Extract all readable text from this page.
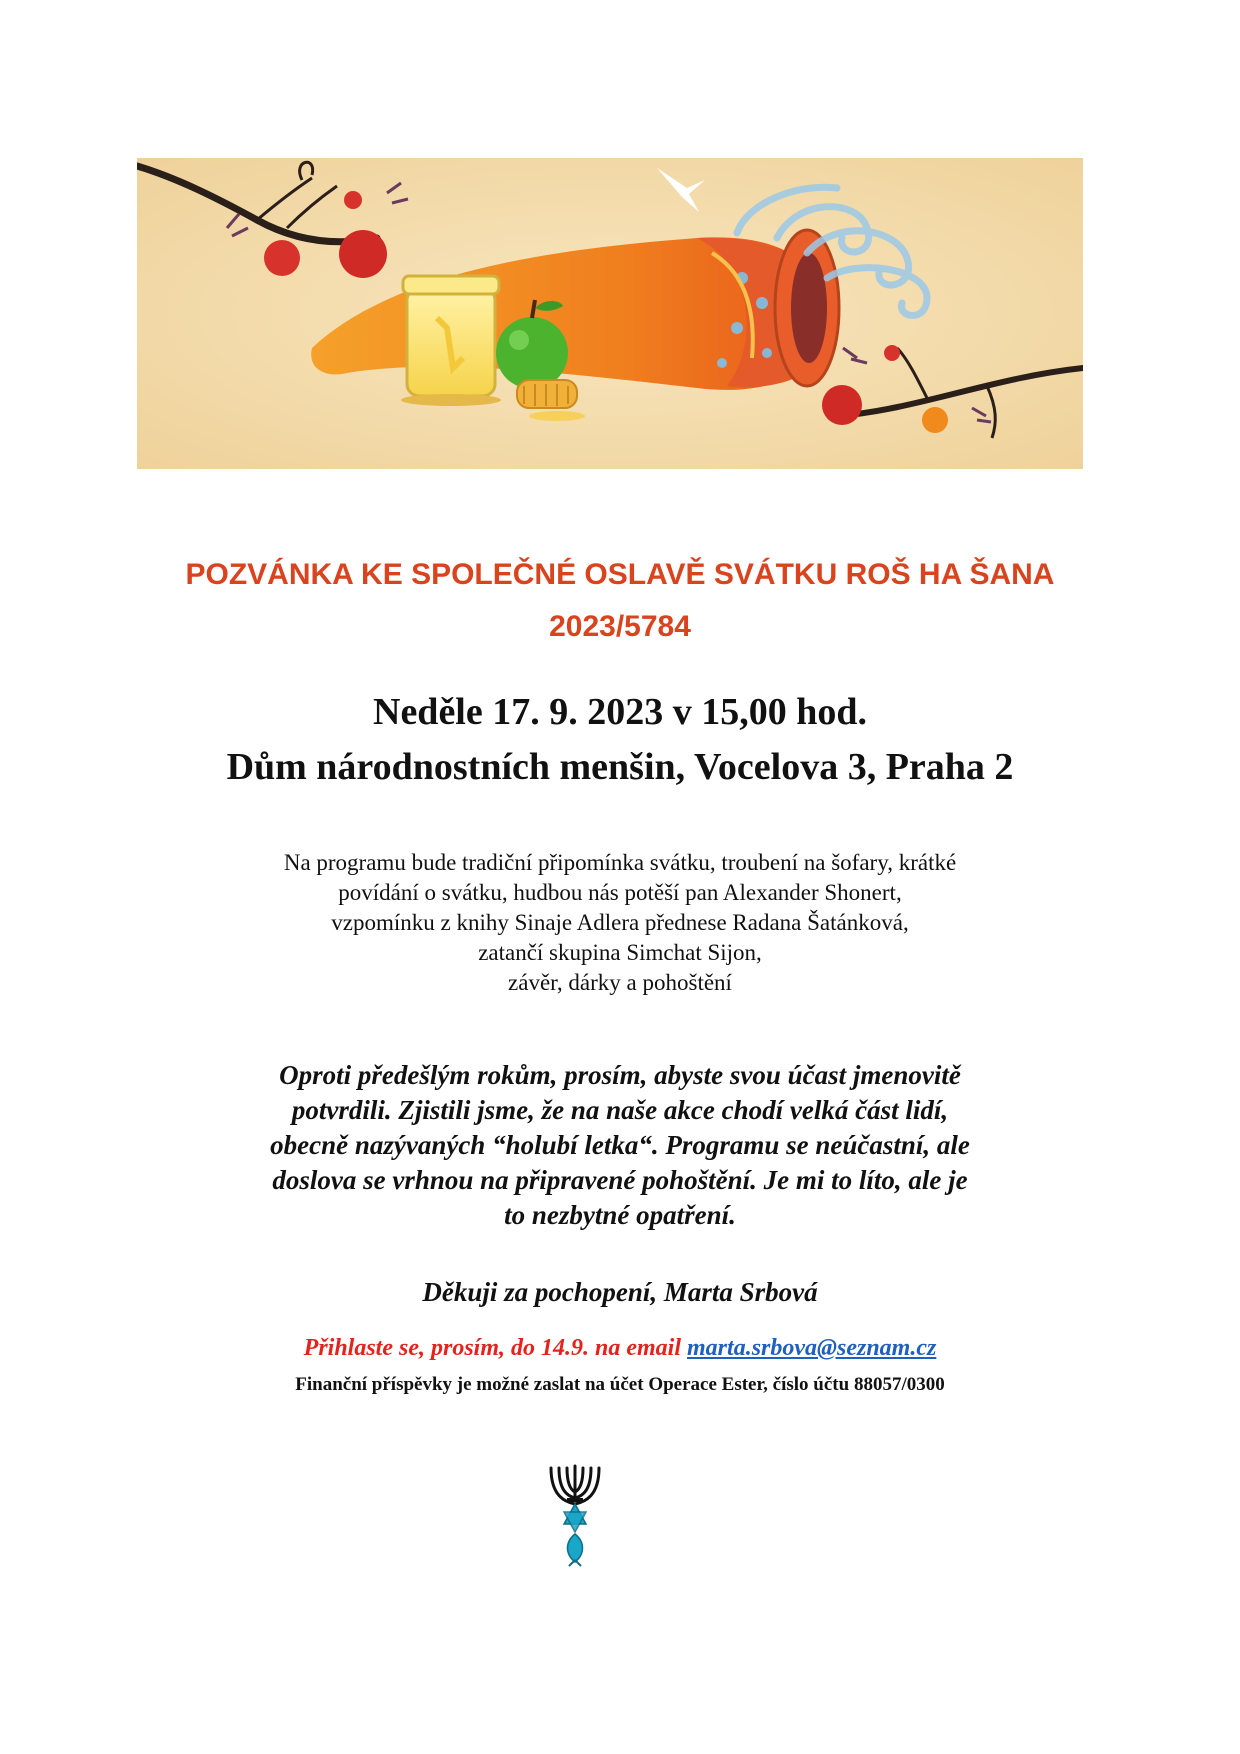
POZVÁNKA KE SPOLEČNÉ OSLAVĚ SVÁTKU ROŠ HA ŠANA
2023/5784
Neděle 17. 9. 2023 v 15,00 hod.
Dům národnostních menšin, Vocelova 3, Praha 2
Na programu bude tradiční připomínka svátku, troubení na šofary, krátké
povídání o svátku, hudbou nás potěší pan Alexander Shonert,
vzpomínku z knihy Sinaje Adlera přednese Radana Šatánková,
zatančí skupina Simchat Sijon,
závěr, dárky a pohoštění
Oproti předešlým rokům, prosím, abyste svou účast jmenovitě
potvrdili. Zjistili jsme, že na naše akce chodí velká část lidí,
obecně nazývaných “holubí letka“. Programu se neúčastní, ale
doslova se vrhnou na připravené pohoštění. Je mi to líto, ale je
to nezbytné opatření.
Děkuji za pochopení, Marta Srbová
Přihlaste se, prosím, do 14.9. na email marta.srbova@seznam.cz
Finanční příspěvky je možné zaslat na účet Operace Ester, číslo účtu 88057/0300
